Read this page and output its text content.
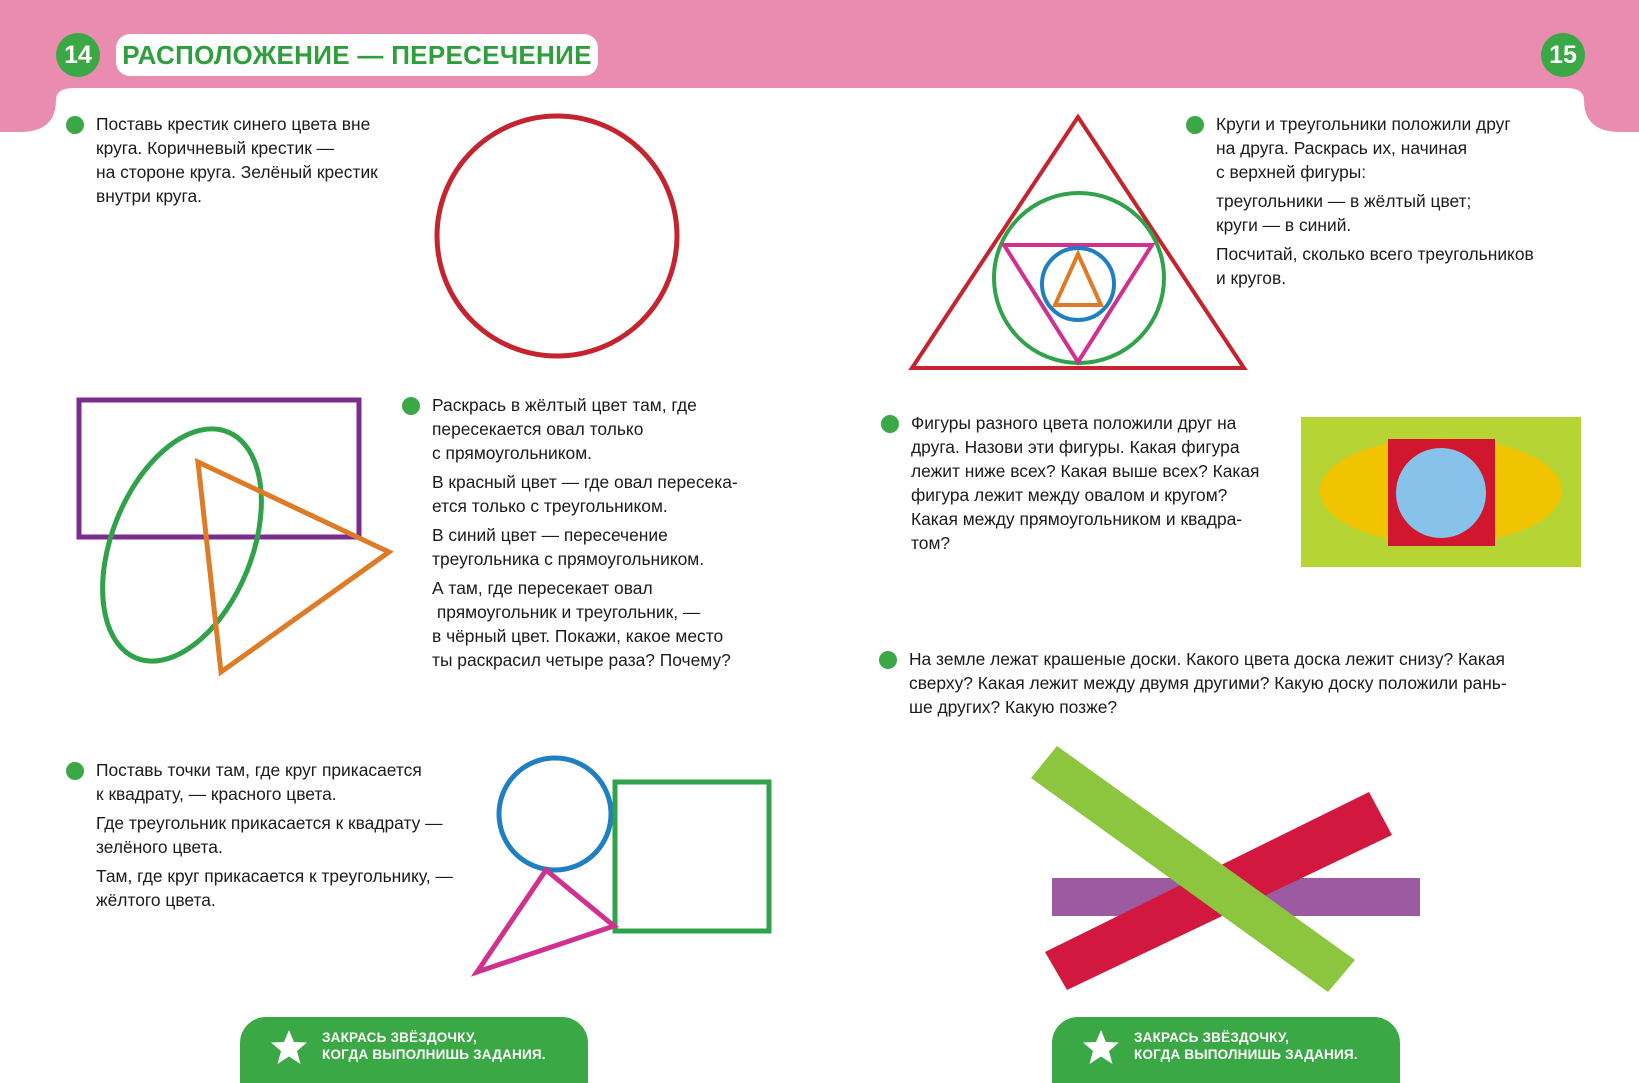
14	РАСПОЛОЖЕНИЕ — ПЕРЕСЕЧЕНИЕ	15

Поставь крестик синего цвета вне
круга. Коричневый крестик —
на стороне круга. Зелёный крестик
внутри круга.

Раскрась в жёлтый цвет там, где
пересекается овал только
с прямоугольником.

В красный цвет — где овал пересека-
ется только с треугольником.

В синий цвет — пересечение
треугольника с прямоугольником.

А там, где пересекает овал
прямоугольник и треугольник, —
в чёрный цвет. Покажи, какое место
ты раскрасил четыре раза? Почему?

Поставь точки там, где круг прикасается
к квадрату, — красного цвета.

Где треугольник прикасается к квадрату —
зелёного цвета.

Там, где круг прикасается к треугольнику, —
жёлтого цвета.

Круги и треугольники положили друг
на друга. Раскрась их, начиная
с верхней фигуры:

треугольники — в жёлтый цвет;
круги — в синий.

Посчитай, сколько всего треугольников
и кругов.

Фигуры разного цвета положили друг на
друга. Назови эти фигуры. Какая фигура
лежит ниже всех? Какая выше всех? Какая
фигура лежит между овалом и кругом?
Какая между прямоугольником и квадра-
том?

На земле лежат крашеные доски. Какого цвета доска лежит снизу? Какая
сверху? Какая лежит между двумя другими? Какую доску положили рань-
ше других? Какую позже?

ЗАКРАСЬ ЗВЁЗДОЧКУ,
КОГДА ВЫПОЛНИШЬ ЗАДАНИЯ.
ЗАКРАСЬ ЗВЁЗДОЧКУ,
КОГДА ВЫПОЛНИШЬ ЗАДАНИЯ.
